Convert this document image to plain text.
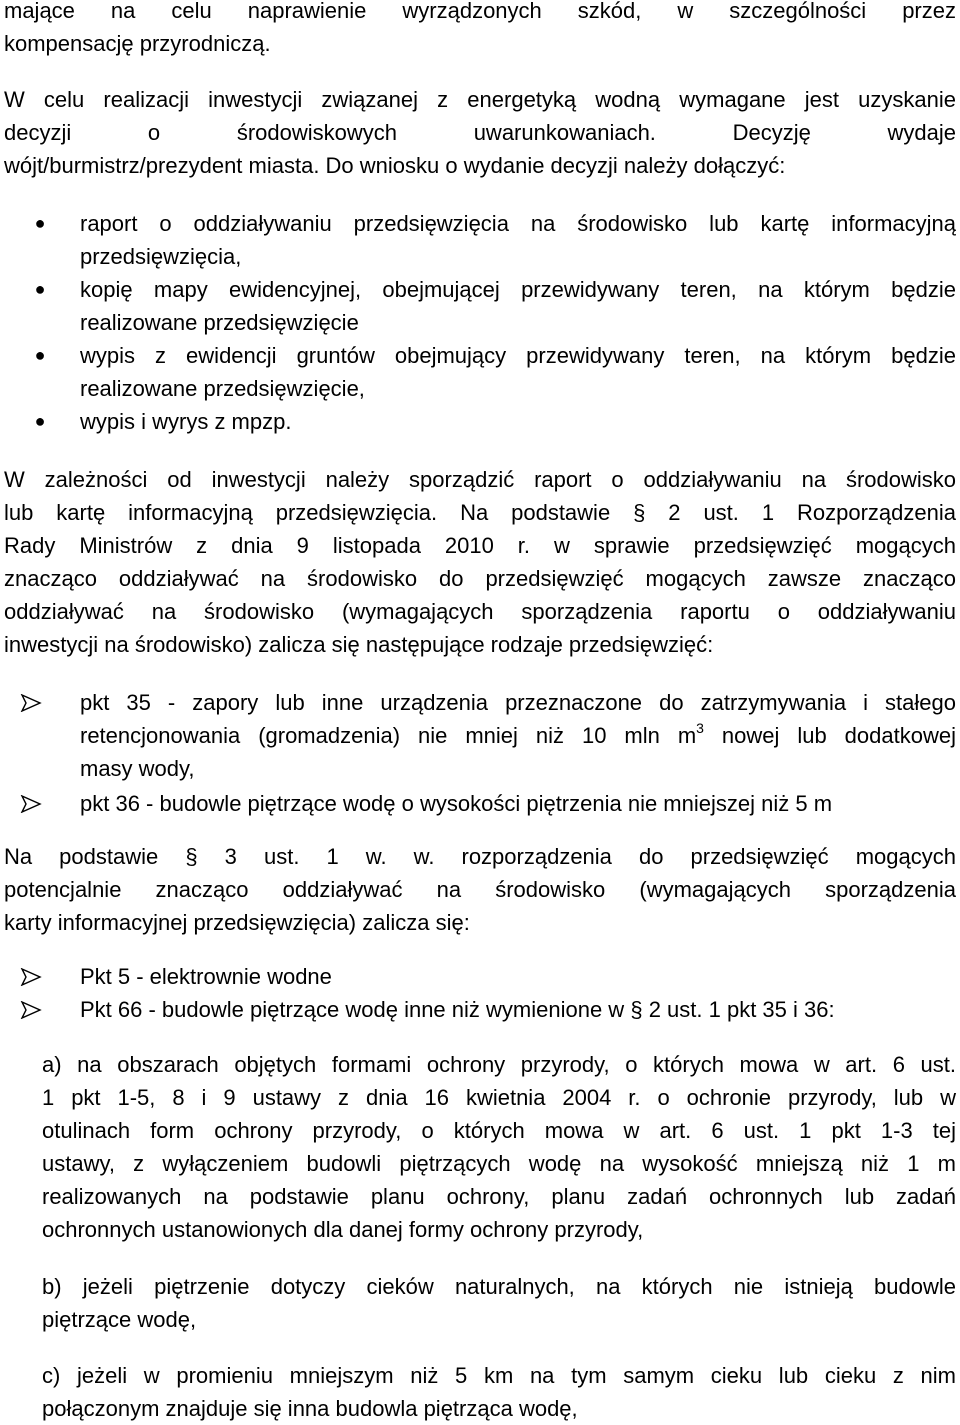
mające na celu naprawienie wyrządzonych szkód, w szczególności przez
kompensację przyrodniczą.
W celu realizacji inwestycji związanej z energetyką wodną wymagane jest uzyskanie
decyzji o środowiskowych uwarunkowaniach. Decyzję wydaje
wójt/burmistrz/prezydent miasta. Do wniosku o wydanie decyzji należy dołączyć:
● raport o oddziaływaniu przedsięwzięcia na środowisko lub kartę informacyjną
przedsięwzięcia,
● kopię mapy ewidencyjnej, obejmującej przewidywany teren, na którym będzie
realizowane przedsięwzięcie
● wypis z ewidencji gruntów obejmujący przewidywany teren, na którym będzie
realizowane przedsięwzięcie,
● wypis i wyrys z mpzp.
W zależności od inwestycji należy sporządzić raport o oddziaływaniu na środowisko
lub kartę informacyjną przedsięwzięcia. Na podstawie § 2 ust. 1 Rozporządzenia
Rady Ministrów z dnia 9 listopada 2010 r. w sprawie przedsięwzięć mogących
znacząco oddziaływać na środowisko do przedsięwzięć mogących zawsze znacząco
oddziaływać na środowisko (wymagających sporządzenia raportu o oddziaływaniu
inwestycji na środowisko) zalicza się następujące rodzaje przedsięwzięć:
pkt 35 - zapory lub inne urządzenia przeznaczone do zatrzymywania i stałego
retencjonowania (gromadzenia) nie mniej niż 10 mln $m^3$ nowej lub dodatkowej
masy wody,
pkt 36 - budowle piętrzące wodę o wysokości piętrzenia nie mniejszej niż 5 m
Na podstawie § 3 ust. 1 w. w. rozporządzenia do przedsięwzięć mogących
potencjalnie znacząco oddziaływać na środowisko (wymagających sporządzenia
karty informacyjnej przedsięwzięcia) zalicza się:
Pkt 5 - elektrownie wodne
Pkt 66 - budowle piętrzące wodę inne niż wymienione w § 2 ust. 1 pkt 35 i 36:
a) na obszarach objętych formami ochrony przyrody, o których mowa w art. 6 ust.
1 pkt 1-5, 8 i 9 ustawy z dnia 16 kwietnia 2004 r. o ochronie przyrody, lub w
otulinach form ochrony przyrody, o których mowa w art. 6 ust. 1 pkt 1-3 tej
ustawy, z wyłączeniem budowli piętrzących wodę na wysokość mniejszą niż 1 m
realizowanych na podstawie planu ochrony, planu zadań ochronnych lub zadań
ochronnych ustanowionych dla danej formy ochrony przyrody,
b) jeżeli piętrzenie dotyczy cieków naturalnych, na których nie istnieją budowle
piętrzące wodę,
c) jeżeli w promieniu mniejszym niż 5 km na tym samym cieku lub cieku z nim
połączonym znajduje się inna budowla piętrząca wodę,
